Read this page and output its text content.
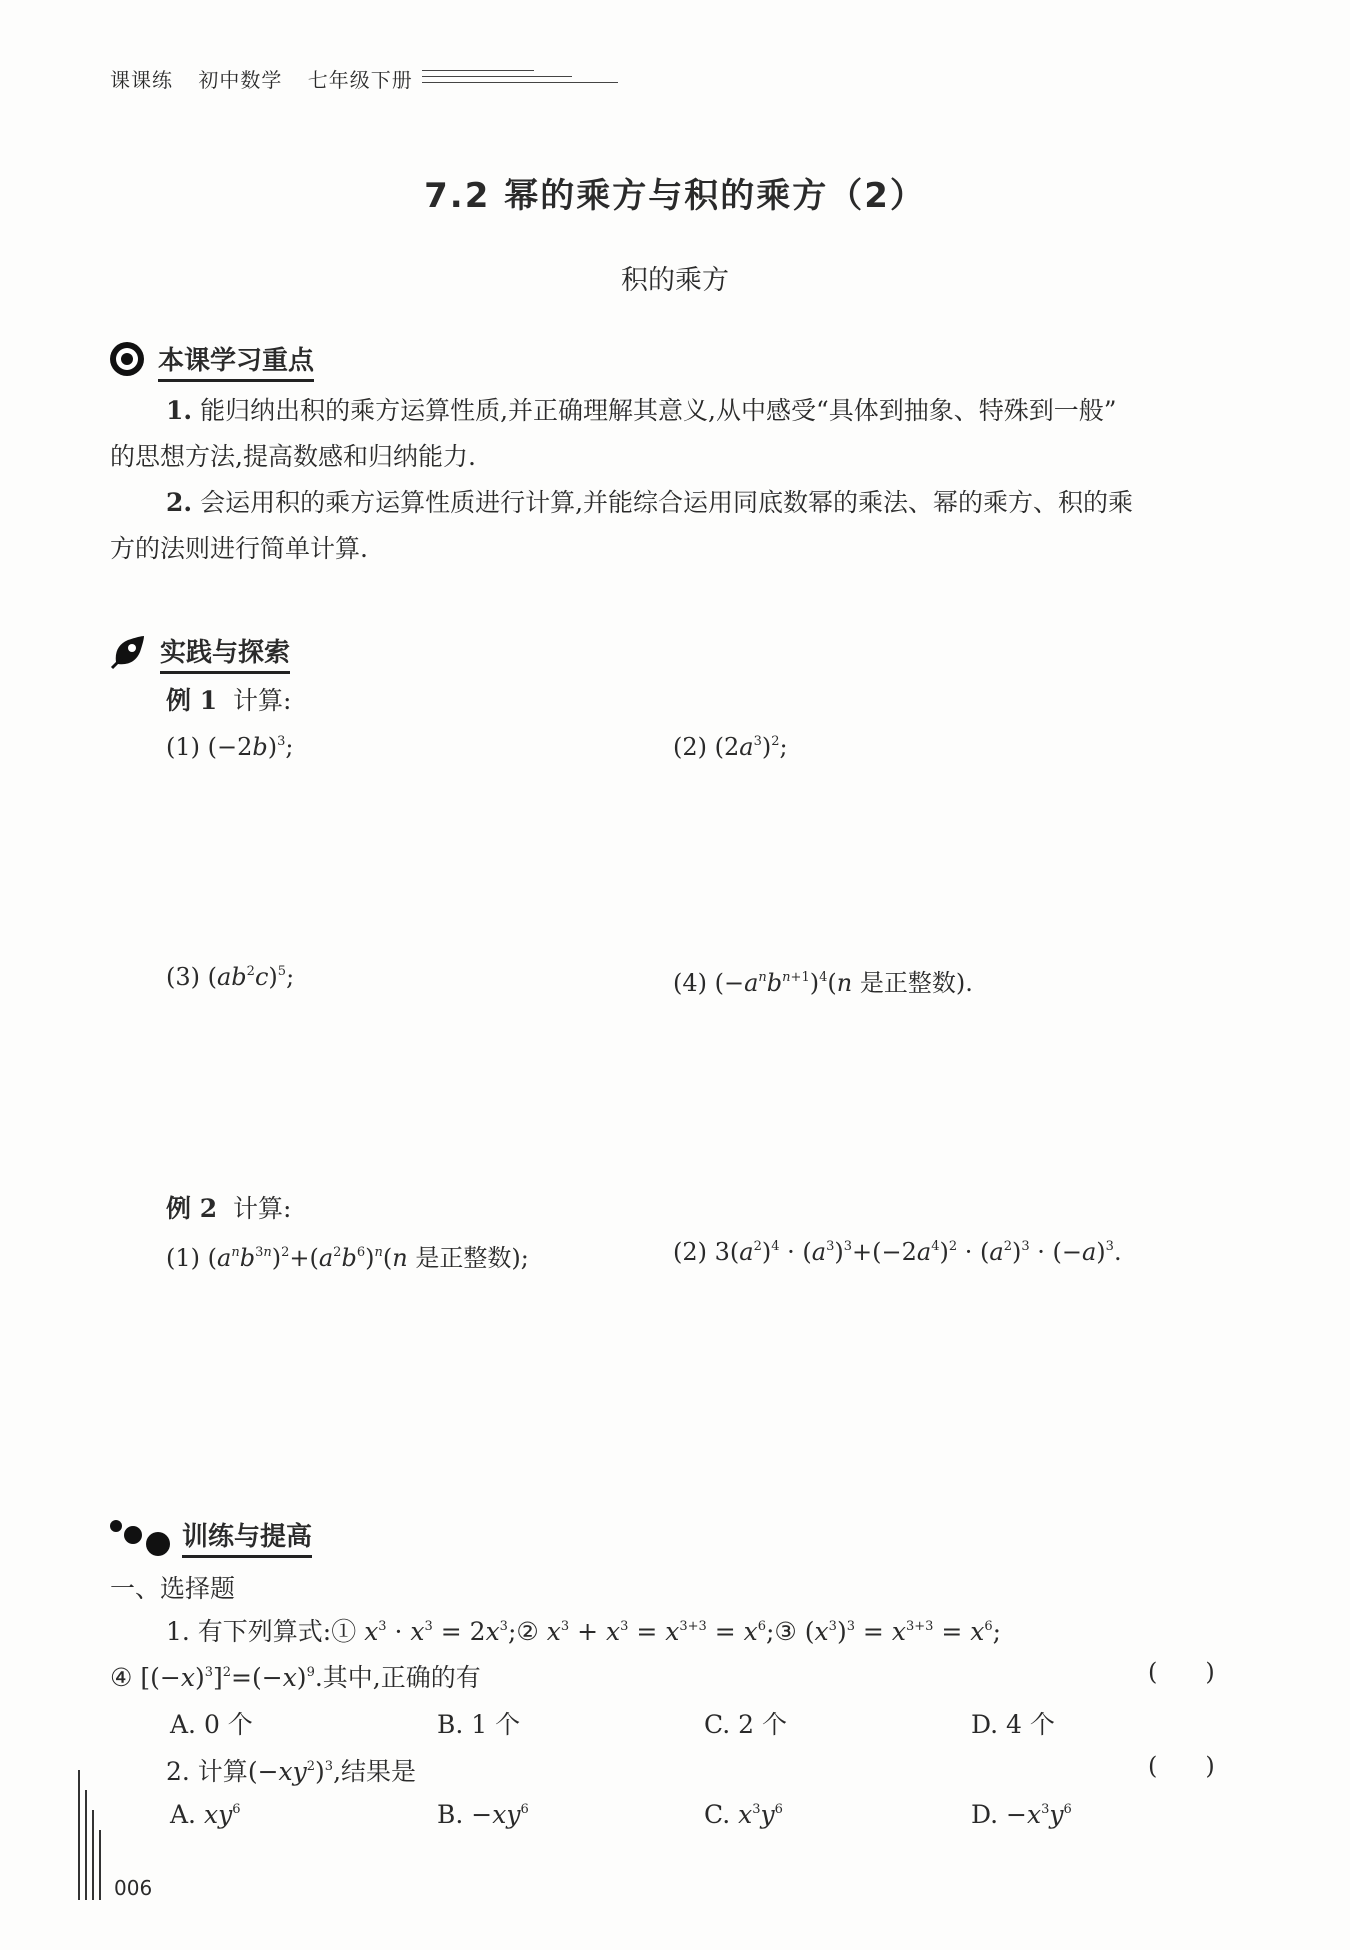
课课练 初中数学 七年级下册
7.2 幂的乘方与积的乘方（2）
积的乘方
本课学习重点
1. 能归纳出积的乘方运算性质,并正确理解其意义,从中感受“具体到抽象、特殊到一般”
的思想方法,提高数感和归纳能力.
2. 会运用积的乘方运算性质进行计算,并能综合运用同底数幂的乘法、幂的乘方、积的乘
方的法则进行简单计算.
实践与探索
例 1 计算:
(1) $(-2b)^3$;	(2) $(2a^3)^2$;
(3) $(ab^2c)^5$;	(4) $(-a^nb^{n+1})^4(n$ 是正整数).
例 2 计算:
(1) $(a^nb^{3n})^2+(a^2b^6)^n(n$ 是正整数);	(2) $3(a^2)^4 \cdot (a^3)^3+(-2a^4)^2 \cdot (a^2)^3 \cdot (-a)^3$.
训练与提高
一、选择题
1. 有下列算式:① $x^3 \cdot x^3$ = $2x^3;②$ $x^3 + x^3 = x^{3+3}$ = $x^6;③$ $(x^3)^3 = x^{3+3} = x^6$;
④ $[(-x)^3]^2=(-x)^9$.其中,正确的有	(  )
A. 0 个	B. 1 个	C. 2 个	D. 4 个
2. 计算$(-xy^2)^3$,结果是	(  )
A. $xy^6$	B. $-xy^6$	C. $x^3y^6$	D. $-x^3y^6$
006
